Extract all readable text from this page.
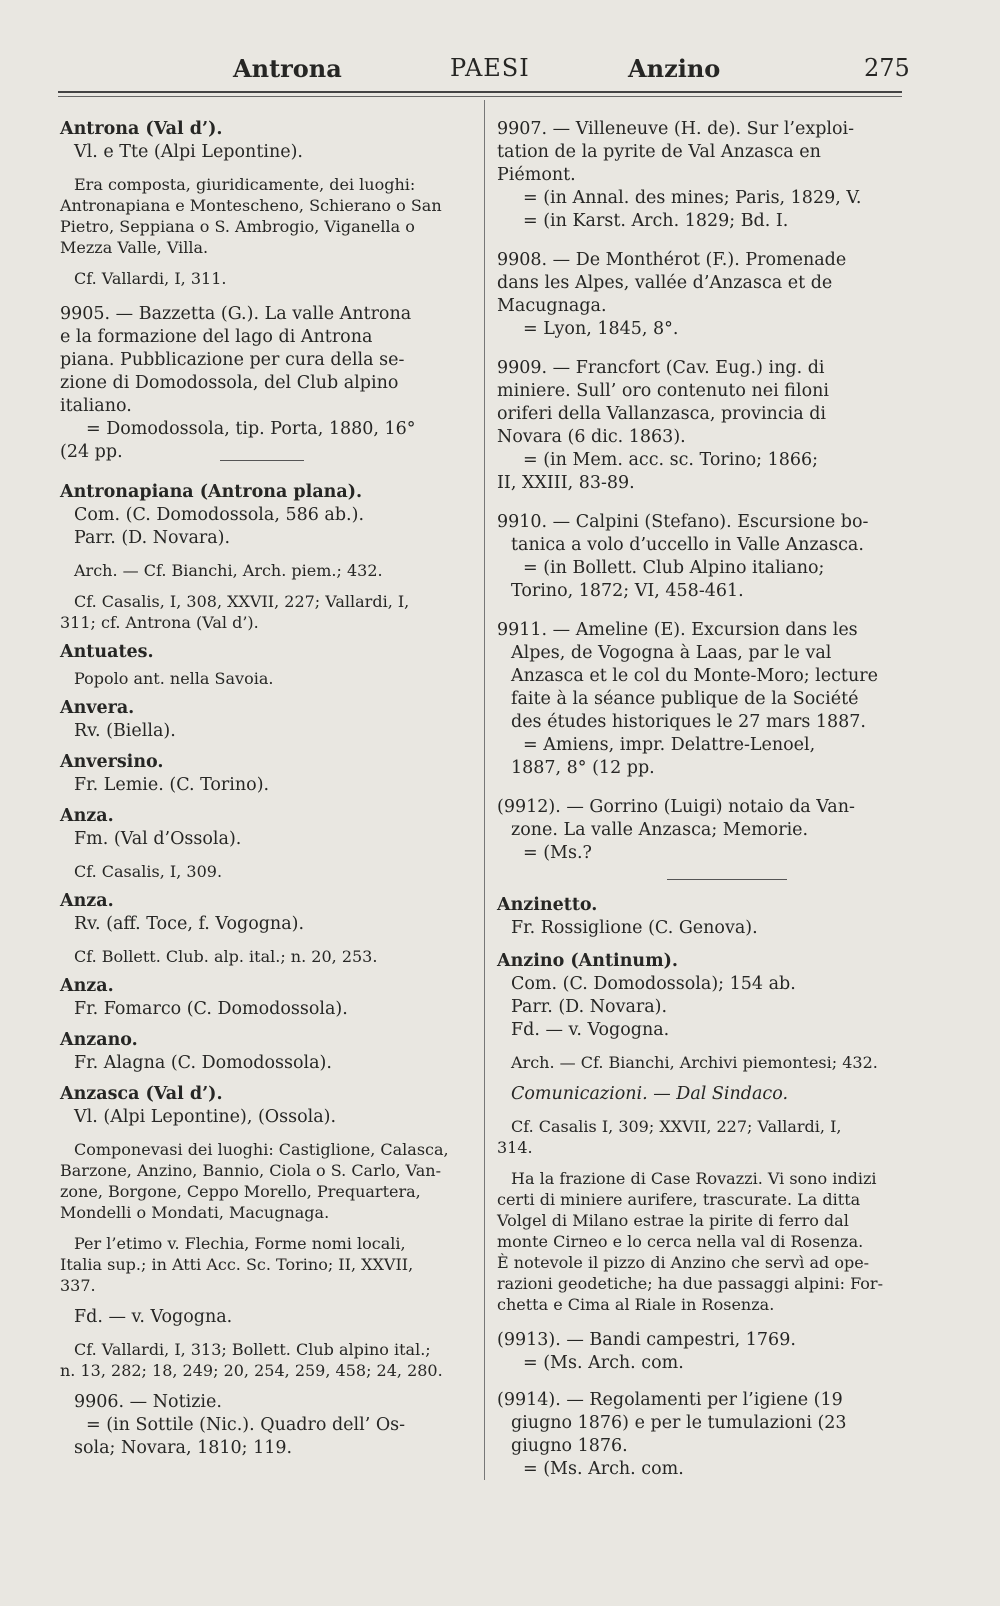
Antrona	PAESI	Anzino	275

Antrona (Val d’).

Vl. e Tte (Alpi Lepontine).

Era composta, giuridicamente, dei luoghi:

Antronapiana e Montescheno, Schierano o San

Pietro, Seppiana o S. Ambrogio, Viganella o

Mezza Valle, Villa.

Cf. Vallardi, I, 311.

9905. — Bazzetta (G.). La valle Antrona

e la formazione del lago di Antrona

piana. Pubblicazione per cura della se-

zione di Domodossola, del Club alpino

italiano.

= Domodossola, tip. Porta, 1880, 16°

(24 pp.

Antronapiana (Antrona plana).

Com. (C. Domodossola, 586 ab.).

Parr. (D. Novara).

Arch. — Cf. Bianchi, Arch. piem.; 432.

Cf. Casalis, I, 308, XXVII, 227; Vallardi, I,

311; cf. Antrona (Val d’).

Antuates.

Popolo ant. nella Savoia.

Anvera.

Rv. (Biella).

Anversino.

Fr. Lemie. (C. Torino).

Anza.

Fm. (Val d’Ossola).

Cf. Casalis, I, 309.

Anza.

Rv. (aff. Toce, f. Vogogna).

Cf. Bollett. Club. alp. ital.; n. 20, 253.

Anza.

Fr. Fomarco (C. Domodossola).

Anzano.

Fr. Alagna (C. Domodossola).

Anzasca (Val d’).

Vl. (Alpi Lepontine), (Ossola).

Componevasi dei luoghi: Castiglione, Calasca,

Barzone, Anzino, Bannio, Ciola o S. Carlo, Van-

zone, Borgone, Ceppo Morello, Prequartera,

Mondelli o Mondati, Macugnaga.

Per l’etimo v. Flechia, Forme nomi locali,

Italia sup.; in Atti Acc. Sc. Torino; II, XXVII,

337.

Fd. — v. Vogogna.

Cf. Vallardi, I, 313; Bollett. Club alpino ital.;

n. 13, 282; 18, 249; 20, 254, 259, 458; 24, 280.

9906. — Notizie.

= (in Sottile (Nic.). Quadro dell’ Os-

sola; Novara, 1810; 119.

9907. — Villeneuve (H. de). Sur l’exploi-

tation de la pyrite de Val Anzasca en

Piémont.

= (in Annal. des mines; Paris, 1829, V.

= (in Karst. Arch. 1829; Bd. I.

9908. — De Monthérot (F.). Promenade

dans les Alpes, vallée d’Anzasca et de

Macugnaga.

= Lyon, 1845, 8°.

9909. — Francfort (Cav. Eug.) ing. di

miniere. Sull’ oro contenuto nei filoni

oriferi della Vallanzasca, provincia di

Novara (6 dic. 1863).

= (in Mem. acc. sc. Torino; 1866;

II, XXIII, 83-89.

9910. — Calpini (Stefano). Escursione bo-

tanica a volo d’uccello in Valle Anzasca.

= (in Bollett. Club Alpino italiano;

Torino, 1872; VI, 458-461.

9911. — Ameline (E). Excursion dans les

Alpes, de Vogogna à Laas, par le val

Anzasca et le col du Monte-Moro; lecture

faite à la séance publique de la Société

des études historiques le 27 mars 1887.

= Amiens, impr. Delattre-Lenoel,

1887, 8° (12 pp.

(9912). — Gorrino (Luigi) notaio da Van-

zone. La valle Anzasca; Memorie.

= (Ms.?

Anzinetto.

Fr. Rossiglione (C. Genova).

Anzino (Antinum).

Com. (C. Domodossola); 154 ab.

Parr. (D. Novara).

Fd. — v. Vogogna.

Arch. — Cf. Bianchi, Archivi piemontesi; 432.

Comunicazioni. — Dal Sindaco.

Cf. Casalis I, 309; XXVII, 227; Vallardi, I,

314.

Ha la frazione di Case Rovazzi. Vi sono indizi

certi di miniere aurifere, trascurate. La ditta

Volgel di Milano estrae la pirite di ferro dal

monte Cirneo e lo cerca nella val di Rosenza.

È notevole il pizzo di Anzino che servì ad ope-

razioni geodetiche; ha due passaggi alpini: For-

chetta e Cima al Riale in Rosenza.

(9913). — Bandi campestri, 1769.

= (Ms. Arch. com.

(9914). — Regolamenti per l’igiene (19

giugno 1876) e per le tumulazioni (23

giugno 1876.

= (Ms. Arch. com.
